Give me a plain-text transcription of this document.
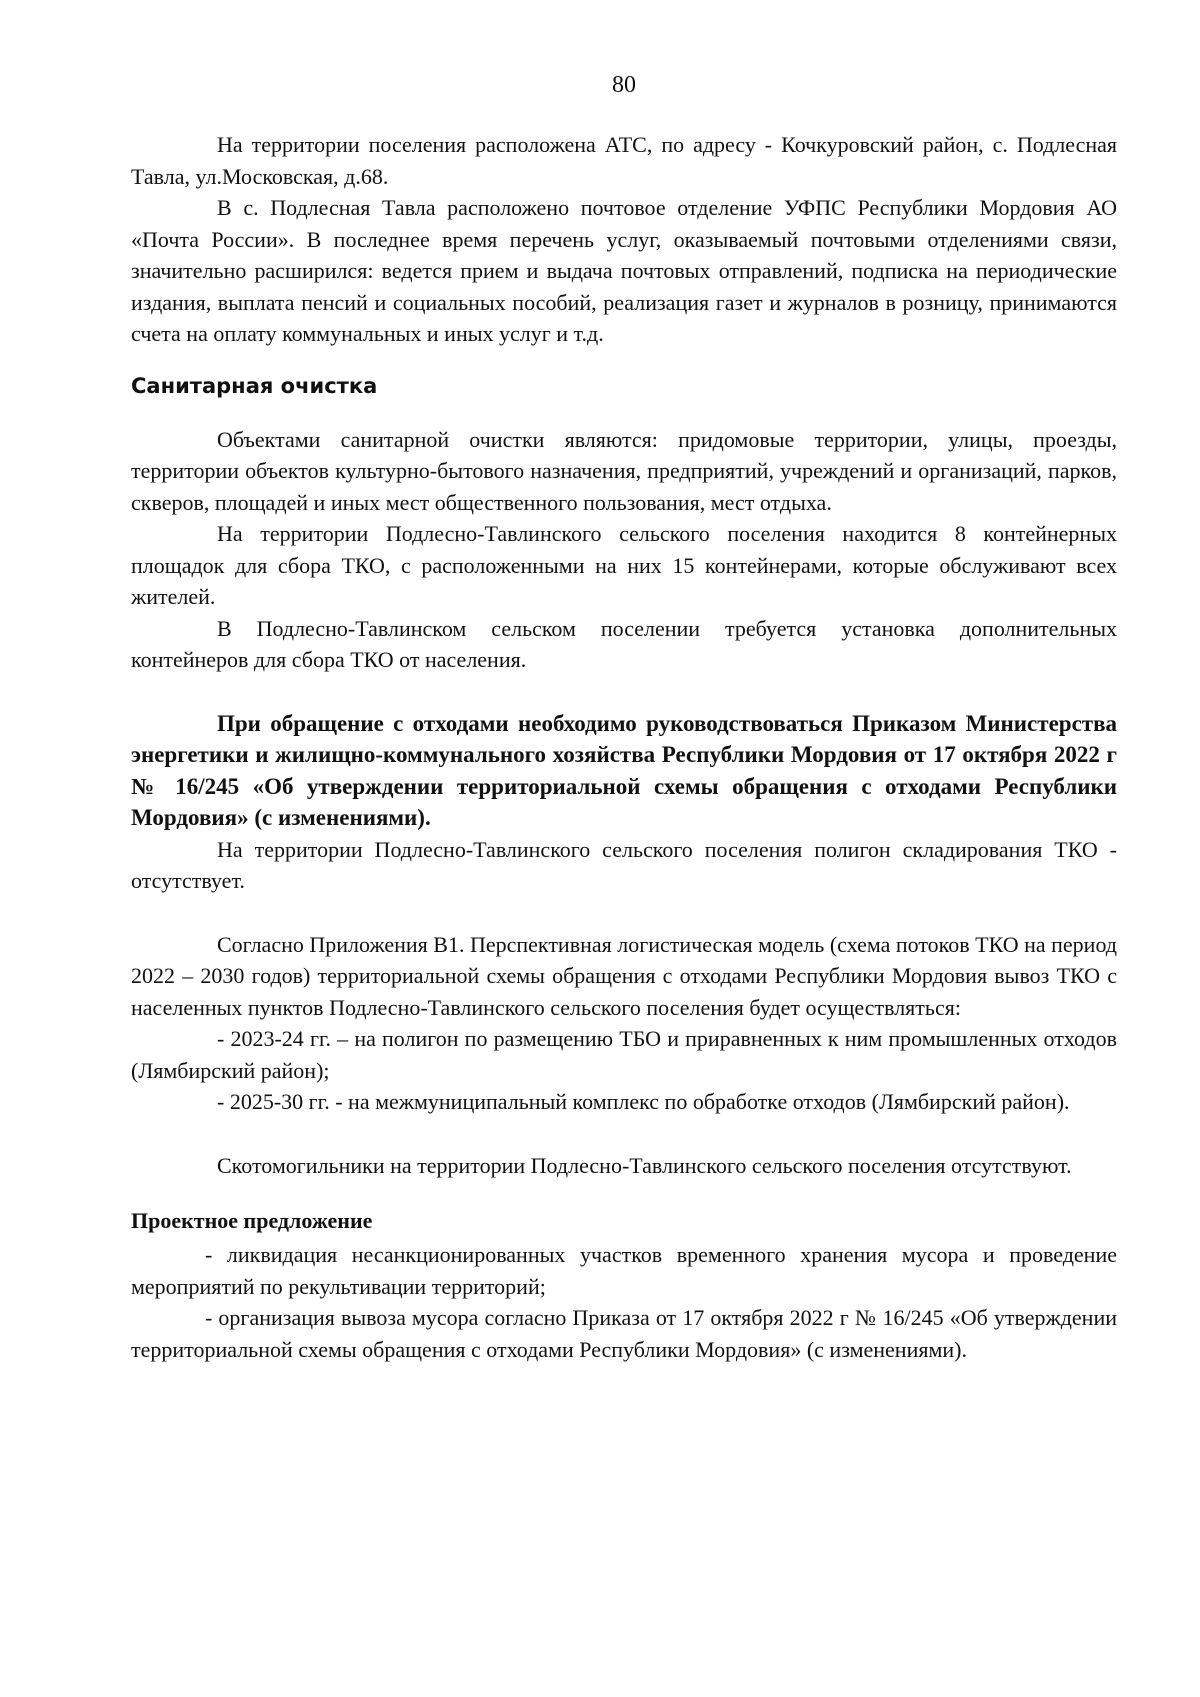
80

На территории поселения расположена АТС, по адресу - Кочкуровский район, с. Подлесная Тавла, ул.Московская, д.68.

В с. Подлесная Тавла расположено почтовое отделение УФПС Республики Мордовия АО «Почта России». В последнее время перечень услуг, оказываемый почтовыми отделениями связи, значительно расширился: ведется прием и выдача почтовых отправлений, подписка на периодические издания, выплата пенсий и социальных пособий, реализация газет и журналов в розницу, принимаются счета на оплату коммунальных и иных услуг и т.д.

Санитарная очистка

Объектами санитарной очистки являются: придомовые территории, улицы, проезды, территории объектов культурно-бытового назначения, предприятий, учреждений и организаций, парков, скверов, площадей и иных мест общественного пользования, мест отдыха.

На территории Подлесно-Тавлинского сельского поселения находится 8 контейнерных площадок для сбора ТКО, с расположенными на них 15 контейнерами, которые обслуживают всех жителей.

В Подлесно-Тавлинском сельском поселении требуется установка дополнительных контейнеров для сбора ТКО от населения.

При обращение с отходами необходимо руководствоваться Приказом Министерства энергетики и жилищно-коммунального хозяйства Республики Мордовия от 17 октября 2022 г № 16/245 «Об утверждении территориальной схемы обращения с отходами Республики Мордовия» (с изменениями).

На территории Подлесно-Тавлинского сельского поселения полигон складирования ТКО - отсутствует.

Согласно Приложения В1. Перспективная логистическая модель (схема потоков ТКО на период 2022 – 2030 годов) территориальной схемы обращения с отходами Республики Мордовия вывоз ТКО с населенных пунктов Подлесно-Тавлинского сельского поселения будет осуществляться:

- 2023-24 гг. – на полигон по размещению ТБО и приравненных к ним промышленных отходов (Лямбирский район);

- 2025-30 гг. - на межмуниципальный комплекс по обработке отходов (Лямбирский район).

Скотомогильники на территории Подлесно-Тавлинского сельского поселения отсутствуют.

Проектное предложение

- ликвидация несанкционированных участков временного хранения мусора и проведение мероприятий по рекультивации территорий;

- организация вывоза мусора согласно Приказа от 17 октября 2022 г № 16/245 «Об утверждении территориальной схемы обращения с отходами Республики Мордовия» (с изменениями).
